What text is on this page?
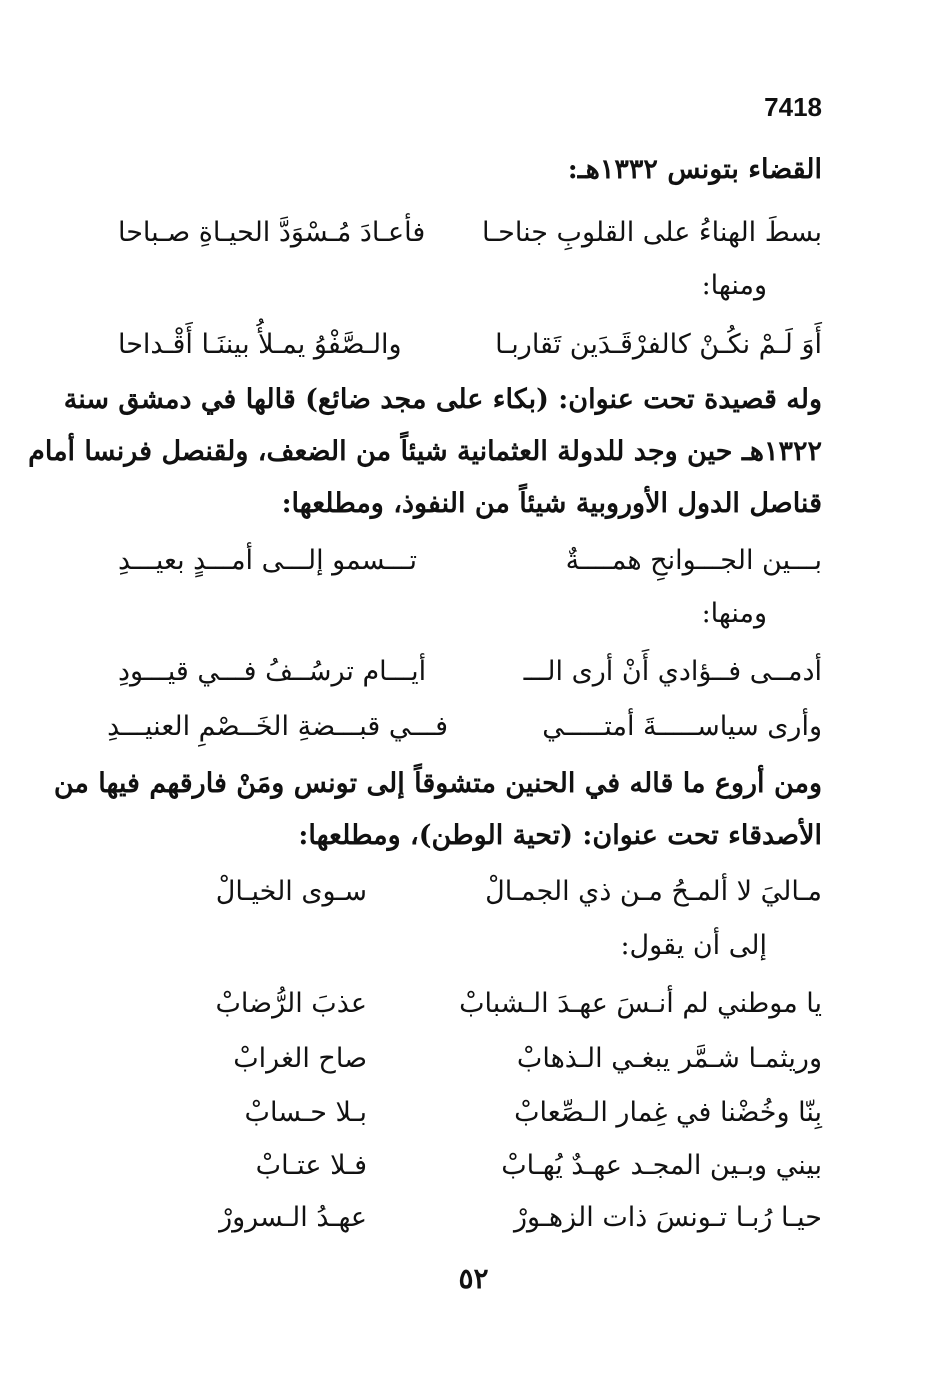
7418
القضاء بتونس ١٣٣٢هـ:
بسطَ الهناءُ على القلوبِ جناحـا
فأعـادَ مُـسْوَدَّ الحيـاةِ صـباحا
ومنها:
أَوَ لَـمْ نكُـنْ كالفرْقَـدَين تَقاربـا
والـصَّفْوُ يمـلأُ بيننَـا أَقْـداحا
وله قصيدة تحت عنوان: (بكاء على مجد ضائع) قالها في دمشق سنة
١٣٢٢هـ حين وجد للدولة العثمانية شيئاً من الضعف، ولقنصل فرنسا أمام
قناصل الدول الأوروبية شيئاً من النفوذ، ومطلعها:
بـــين الجـــوانحِ همــــةٌ
تـــسمو إلـــى أمـــدٍ بعيـــدِ
ومنها:
أدمــى فــؤادي أَنْ أرى الـــ
أيـــام ترسُــفُ فـــي قيـــودِ
وأرى سياســـــةَ أمتـــــي
فـــي قبـــضةِ الخَــصْمِ العنيـــدِ
ومن أروع ما قاله في الحنين متشوقاً إلى تونس ومَنْ فارقهم فيها من
الأصدقاء تحت عنوان: (تحية الوطن)، ومطلعها:
مـاليَ لا ألمـحُ مـن ذي الجمـالْ
سـوى الخيـالْ
إلى أن يقول:
يا موطني لم أنـسَ عهـدَ الـشبابْ
عذبَ الرُّضابْ
وريثمـا شـمَّر يبغـي الـذهابْ
صاح الغرابْ
بِنّا وخُضْنا في غِمار الـصِّعابْ
بـلا حـسابْ
بيني وبـين المجـد عهـدٌ يُهـابْ
فـلا عتـابْ
حيـا رُبـا تـونسَ ذات الزهـورْ
عهـدُ الـسرورْ
٥٢
